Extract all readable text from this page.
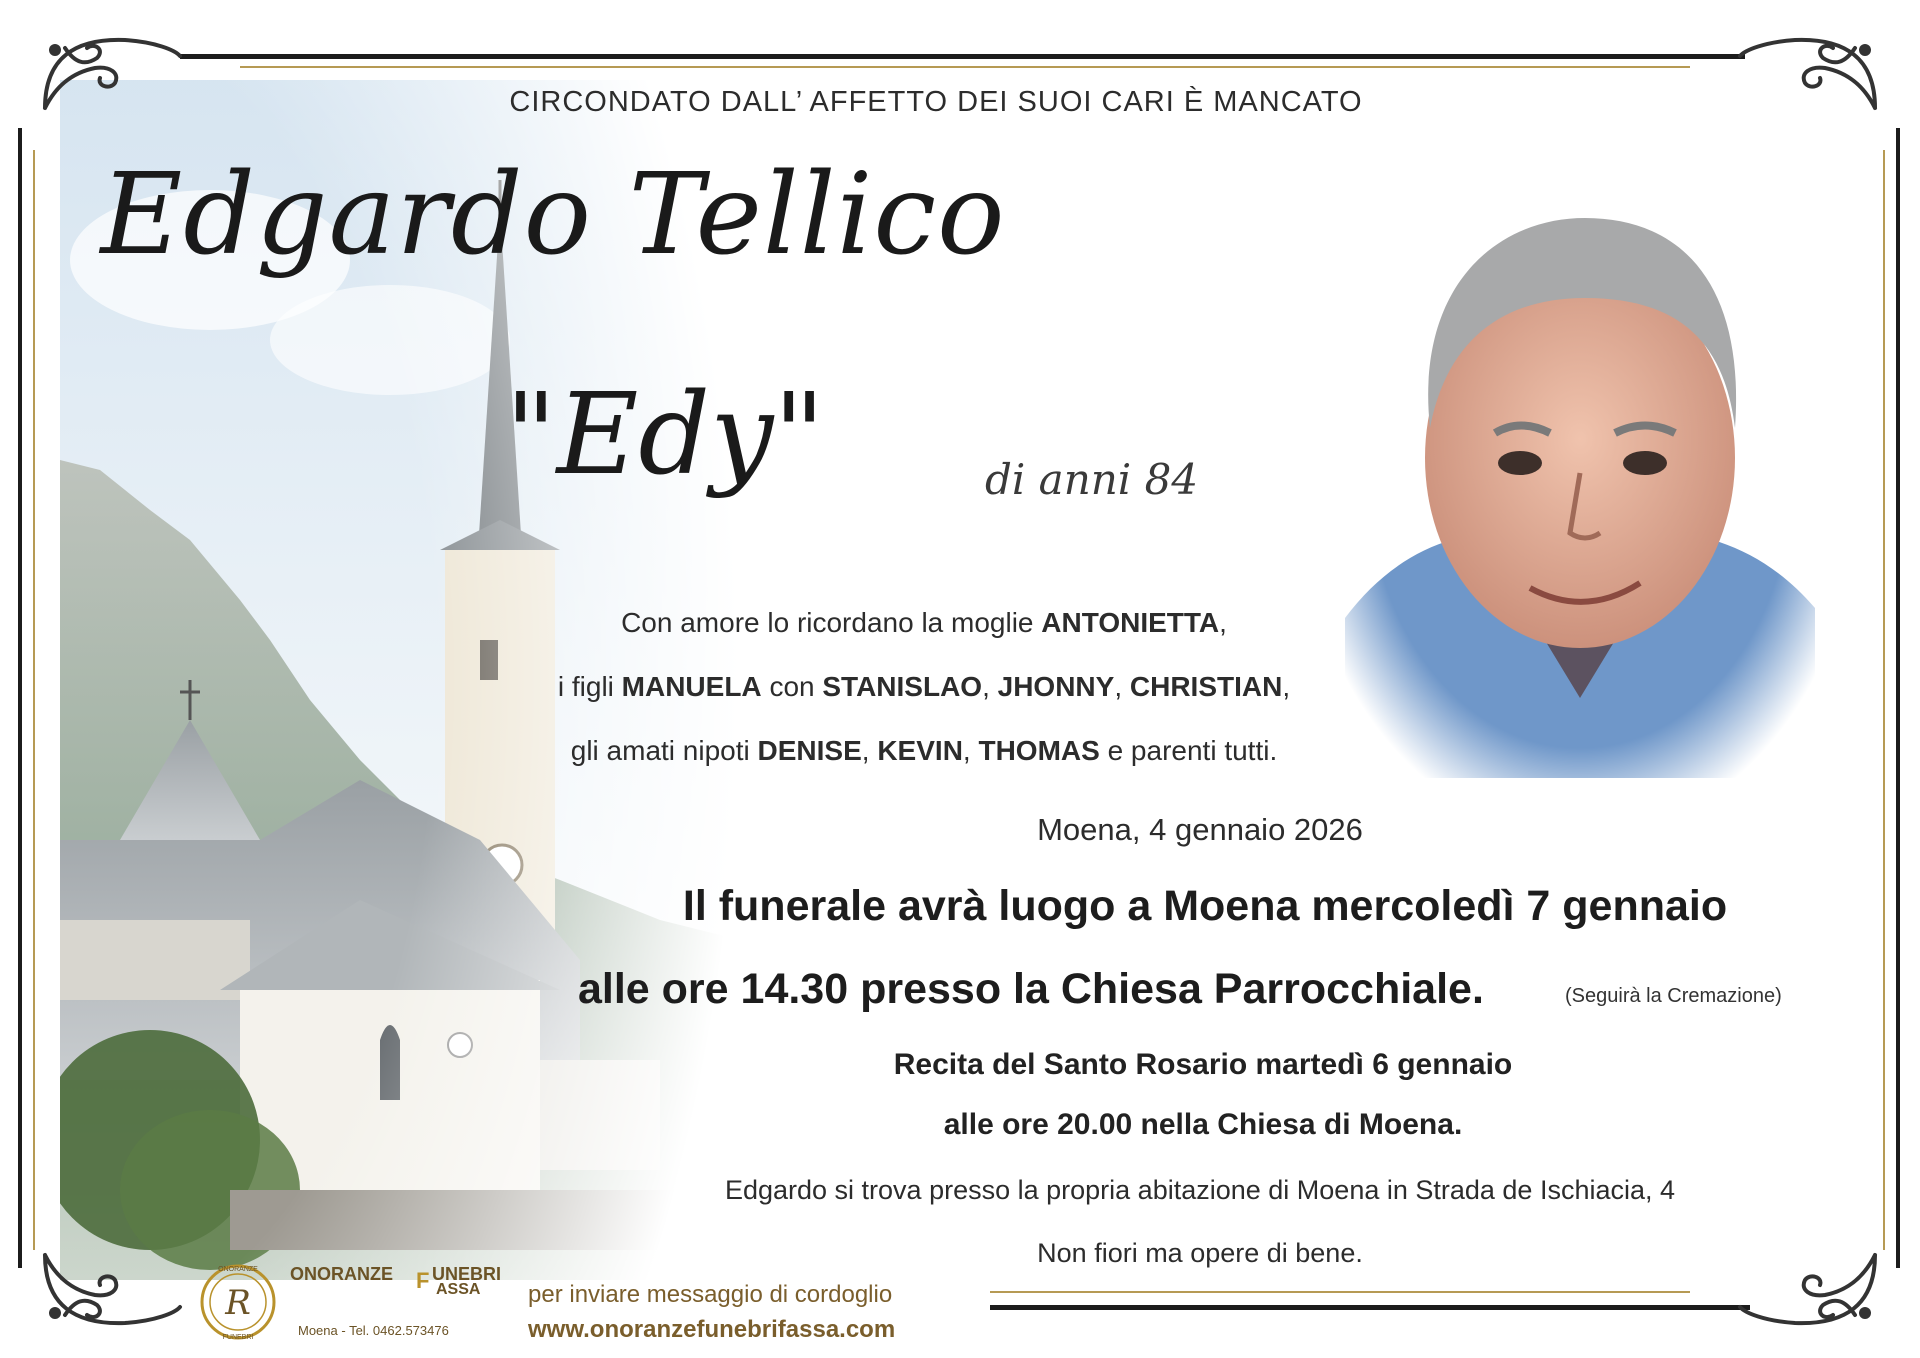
CIRCONDATO DALL’ AFFETTO DEI SUOI CARI È MANCATO
Edgardo Tellico
"Edy"	di anni 84
Con amore lo ricordano la moglie ANTONIETTA,
i figli MANUELA con STANISLAO, JHONNY, CHRISTIAN,
gli amati nipoti DENISE, KEVIN, THOMAS e parenti tutti.
Moena, 4 gennaio 2026
Il funerale avrà luogo a Moena mercoledì 7 gennaio
alle ore 14.30 presso la Chiesa Parrocchiale.	(Seguirà la Cremazione)
Recita del Santo Rosario martedì 6 gennaio
alle ore 20.00 nella Chiesa di Moena.
Edgardo si trova presso la propria abitazione di Moena in Strada de Ischiacia, 4
Non fiori ma opere di bene.
R
ONORANZE
FUNEBRI
ONORANZE F UNEBRI
ASSA
Moena - Tel. 0462.573476
per inviare messaggio di cordoglio
www.onoranzefunebrifassa.com
